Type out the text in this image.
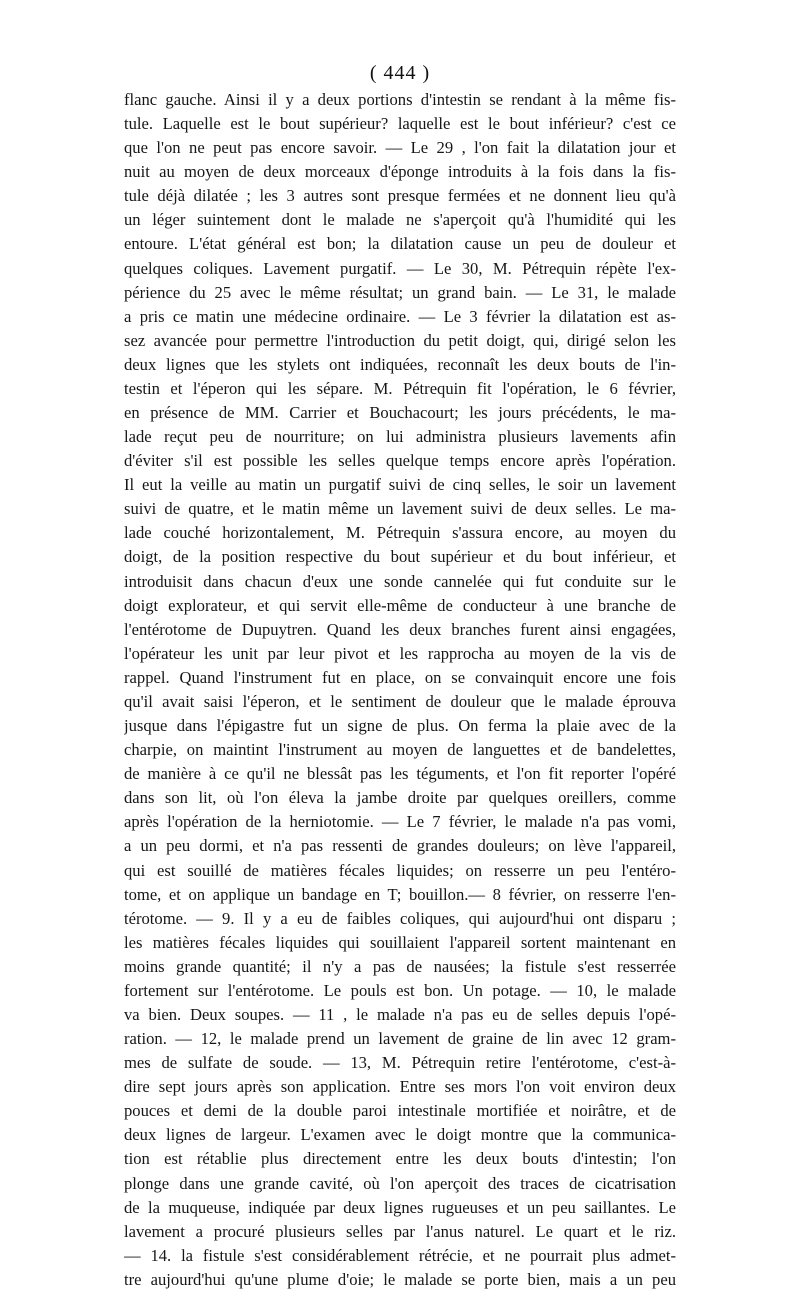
( 444 )
flanc gauche. Ainsi il y a deux portions d'intestin se rendant à la même fis-
tule. Laquelle est le bout supérieur? laquelle est le bout inférieur? c'est ce
que l'on ne peut pas encore savoir. — Le 29 , l'on fait la dilatation jour et
nuit au moyen de deux morceaux d'éponge introduits à la fois dans la fis-
tule déjà dilatée ; les 3 autres sont presque fermées et ne donnent lieu qu'à
un léger suintement dont le malade ne s'aperçoit qu'à l'humidité qui les
entoure. L'état général est bon; la dilatation cause un peu de douleur et
quelques coliques. Lavement purgatif. — Le 30, M. Pétrequin répète l'ex-
périence du 25 avec le même résultat; un grand bain. — Le 31, le malade
a pris ce matin une médecine ordinaire. — Le 3 février la dilatation est as-
sez avancée pour permettre l'introduction du petit doigt, qui, dirigé selon les
deux lignes que les stylets ont indiquées, reconnaît les deux bouts de l'in-
testin et l'éperon qui les sépare. M. Pétrequin fit l'opération, le 6 février,
en présence de MM. Carrier et Bouchacourt; les jours précédents, le ma-
lade reçut peu de nourriture; on lui administra plusieurs lavements afin
d'éviter s'il est possible les selles quelque temps encore après l'opération.
Il eut la veille au matin un purgatif suivi de cinq selles, le soir un lavement
suivi de quatre, et le matin même un lavement suivi de deux selles. Le ma-
lade couché horizontalement, M. Pétrequin s'assura encore, au moyen du
doigt, de la position respective du bout supérieur et du bout inférieur, et
introduisit dans chacun d'eux une sonde cannelée qui fut conduite sur le
doigt explorateur, et qui servit elle-même de conducteur à une branche de
l'entérotome de Dupuytren. Quand les deux branches furent ainsi engagées,
l'opérateur les unit par leur pivot et les rapprocha au moyen de la vis de
rappel. Quand l'instrument fut en place, on se convainquit encore une fois
qu'il avait saisi l'éperon, et le sentiment de douleur que le malade éprouva
jusque dans l'épigastre fut un signe de plus. On ferma la plaie avec de la
charpie, on maintint l'instrument au moyen de languettes et de bandelettes,
de manière à ce qu'il ne blessât pas les téguments, et l'on fit reporter l'opéré
dans son lit, où l'on éleva la jambe droite par quelques oreillers, comme
après l'opération de la herniotomie. — Le 7 février, le malade n'a pas vomi,
a un peu dormi, et n'a pas ressenti de grandes douleurs; on lève l'appareil,
qui est souillé de matières fécales liquides; on resserre un peu l'entéro-
tome, et on applique un bandage en T; bouillon.— 8 février, on resserre l'en-
térotome. — 9. Il y a eu de faibles coliques, qui aujourd'hui ont disparu ;
les matières fécales liquides qui souillaient l'appareil sortent maintenant en
moins grande quantité; il n'y a pas de nausées; la fistule s'est resserrée
fortement sur l'entérotome. Le pouls est bon. Un potage. — 10, le malade
va bien. Deux soupes. — 11 , le malade n'a pas eu de selles depuis l'opé-
ration. — 12, le malade prend un lavement de graine de lin avec 12 gram-
mes de sulfate de soude. — 13, M. Pétrequin retire l'entérotome, c'est-à-
dire sept jours après son application. Entre ses mors l'on voit environ deux
pouces et demi de la double paroi intestinale mortifiée et noirâtre, et de
deux lignes de largeur. L'examen avec le doigt montre que la communica-
tion est rétablie plus directement entre les deux bouts d'intestin; l'on
plonge dans une grande cavité, où l'on aperçoit des traces de cicatrisation
de la muqueuse, indiquée par deux lignes rugueuses et un peu saillantes. Le
lavement a procuré plusieurs selles par l'anus naturel. Le quart et le riz.
— 14. la fistule s'est considérablement rétrécie, et ne pourrait plus admet-
tre aujourd'hui qu'une plume d'oie; le malade se porte bien, mais a un peu
